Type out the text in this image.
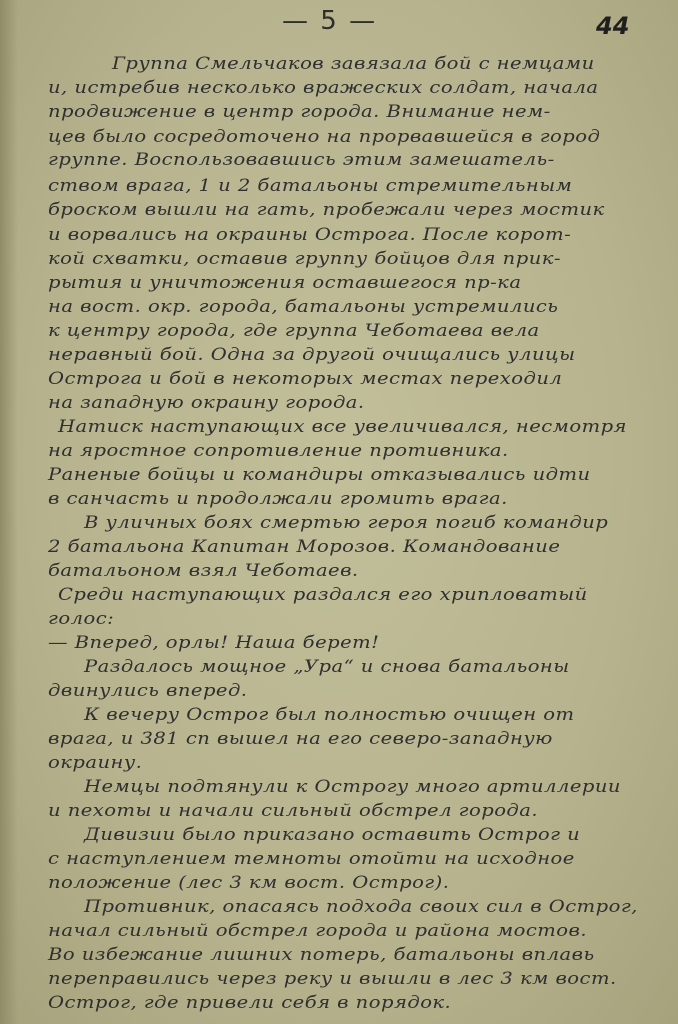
— 5 —	44
Группа Смельчаков завязала бой с немцами
и, истребив несколько вражеских солдат, начала
продвижение в центр города. Внимание нем-
цев было сосредоточено на прорвавшейся в город
группе. Воспользовавшись этим замешатель-
ством врага, 1 и 2 батальоны стремительным
броском вышли на гать, пробежали через мостик
и ворвались на окраины Острога. После корот-
кой схватки, оставив группу бойцов для прик-
рытия и уничтожения оставшегося пр-ка
на вост. окр. города, батальоны устремились
к центру города, где группа Чеботаева вела
неравный бой. Одна за другой очищались улицы
Острога и бой в некоторых местах переходил
на западную окраину города.
Натиск наступающих все увеличивался, несмотря
на яростное сопротивление противника.
Раненые бойцы и командиры отказывались идти
в санчасть и продолжали громить врага.
В уличных боях смертью героя погиб командир
2 батальона Капитан Морозов. Командование
батальоном взял Чеботаев.
Среди наступающих раздался его хрипловатый
голос:
— Вперед, орлы! Наша берет!
Раздалось мощное „Ура“ и снова батальоны
двинулись вперед.
К вечеру Острог был полностью очищен от
врага, и 381 сп вышел на его северо-западную
окраину.
Немцы подтянули к Острогу много артиллерии
и пехоты и начали сильный обстрел города.
Дивизии было приказано оставить Острог и
с наступлением темноты отойти на исходное
положение (лес 3 км вост. Острог).
Противник, опасаясь подхода своих сил в Острог,
начал сильный обстрел города и района мостов.
Во избежание лишних потерь, батальоны вплавь
переправились через реку и вышли в лес 3 км вост.
Острог, где привели себя в порядок.
